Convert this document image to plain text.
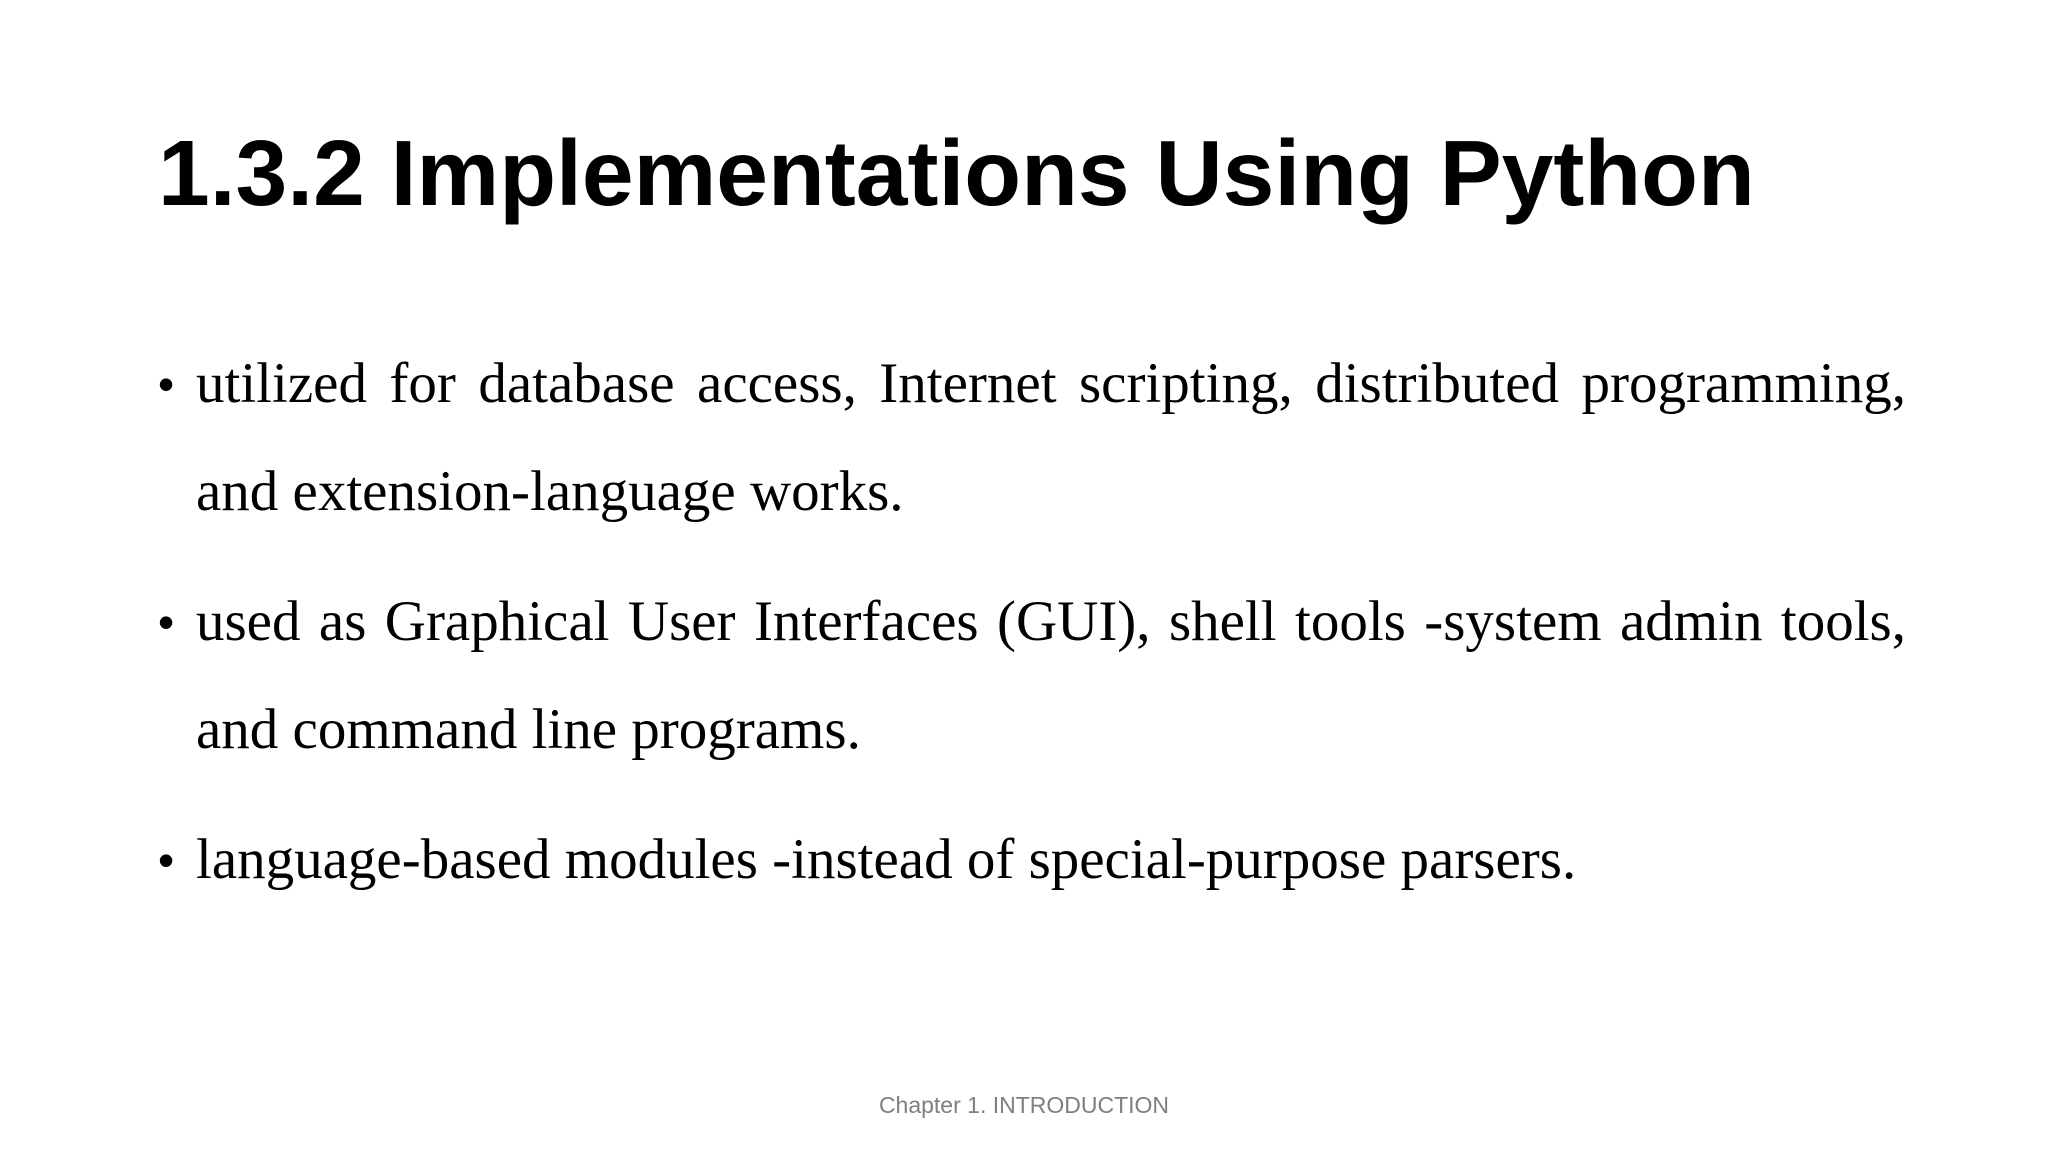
1.3.2 Implementations Using Python
• utilized for database access, Internet scripting, distributed programming, and extension-language works.
• used as Graphical User Interfaces (GUI), shell tools -system admin tools, and command line programs.
• language-based modules -instead of special-purpose parsers.
Chapter 1. INTRODUCTION
